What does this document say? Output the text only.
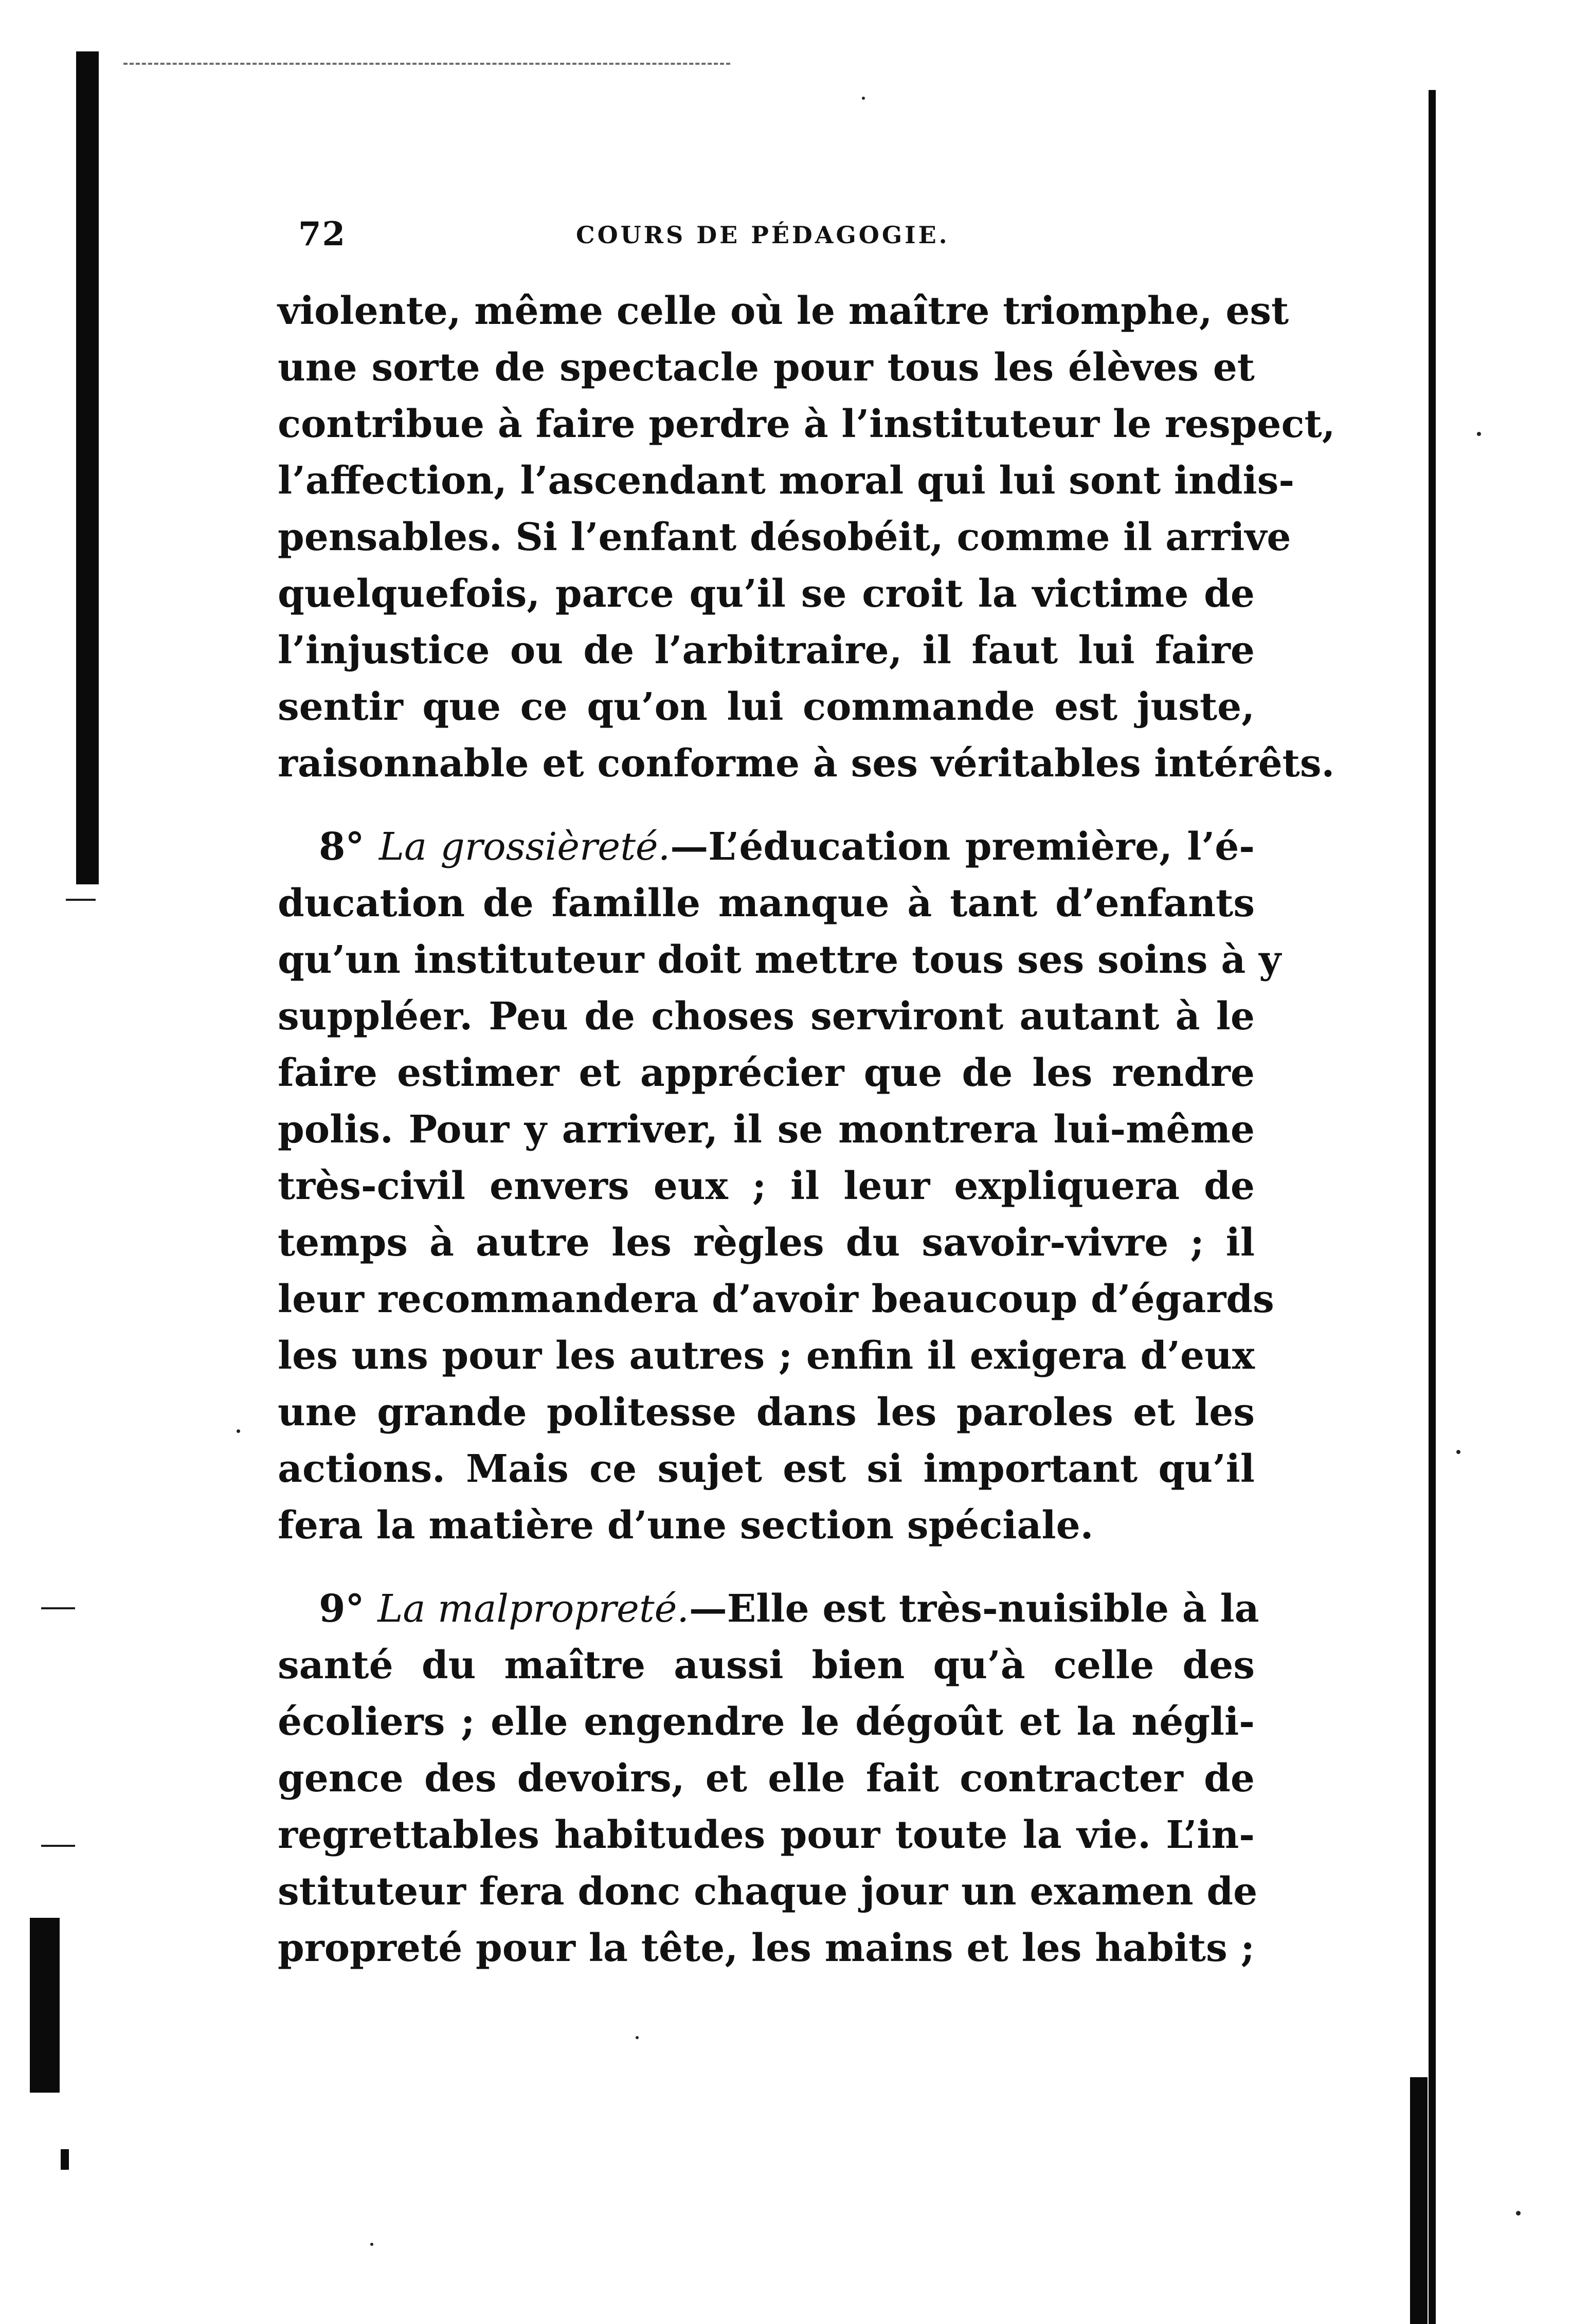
72	COURS DE PÉDAGOGIE.
violente, même celle où le maître triomphe, est
une sorte de spectacle pour tous les élèves et
contribue à faire perdre à l’instituteur le respect,
l’affection, l’ascendant moral qui lui sont indis-
pensables. Si l’enfant désobéit, comme il arrive
quelquefois, parce qu’il se croit la victime de
l’injustice ou de l’arbitraire, il faut lui faire
sentir que ce qu’on lui commande est juste,
raisonnable et conforme à ses véritables intérêts.
8° La grossièreté.—L’éducation première, l’é-
ducation de famille manque à tant d’enfants
qu’un instituteur doit mettre tous ses soins à y
suppléer. Peu de choses serviront autant à le
faire estimer et apprécier que de les rendre
polis. Pour y arriver, il se montrera lui-même
très-civil envers eux ; il leur expliquera de
temps à autre les règles du savoir-vivre ; il
leur recommandera d’avoir beaucoup d’égards
les uns pour les autres ; enfin il exigera d’eux
une grande politesse dans les paroles et les
actions. Mais ce sujet est si important qu’il
fera la matière d’une section spéciale.
9° La malpropreté.—Elle est très-nuisible à la
santé du maître aussi bien qu’à celle des
écoliers ; elle engendre le dégoût et la négli-
gence des devoirs, et elle fait contracter de
regrettables habitudes pour toute la vie. L’in-
stituteur fera donc chaque jour un examen de
propreté pour la tête, les mains et les habits ;
